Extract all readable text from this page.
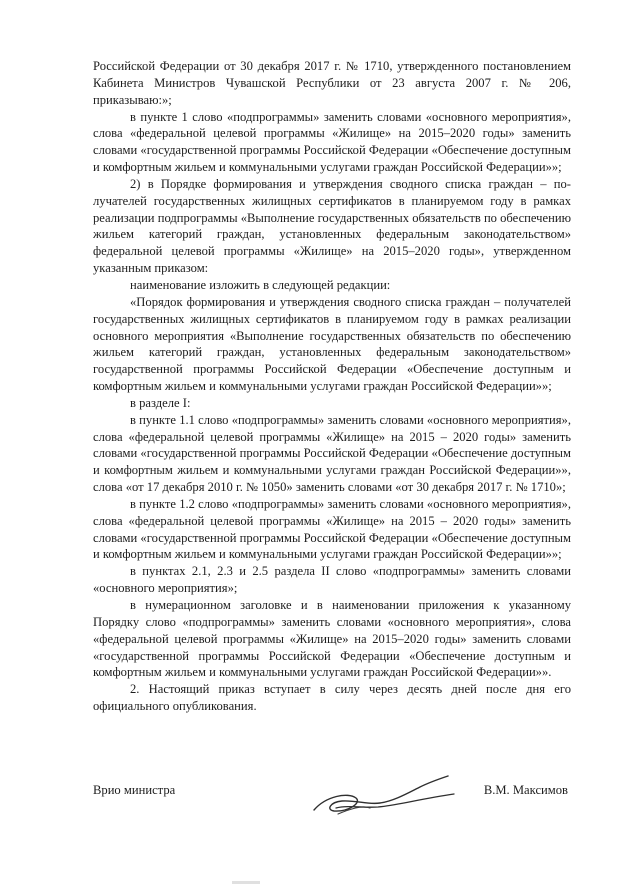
Российской Федерации от 30 декабря 2017 г. № 1710, утвержденного постановлением Кабинета Министров Чувашской Республики от 23 августа 2007 г. № 206, приказываю:»;

в пункте 1 слово «подпрограммы» заменить словами «основного мероприятия», слова «федеральной целевой программы «Жилище» на 2015–2020 годы» заменить словами «государственной программы Российской Федерации «Обеспечение доступным и комфортным жильем и коммунальными услугами граждан Российской Федерации»»;

2) в Порядке формирования и утверждения сводного списка граждан – получателей государственных жилищных сертификатов в планируемом году в рамках реализации подпрограммы «Выполнение государственных обязательств по обеспечению жильем категорий граждан, установленных федеральным законодательством» федеральной целевой программы «Жилище» на 2015–2020 годы», утвержденном указанным приказом:

наименование изложить в следующей редакции:

«Порядок формирования и утверждения сводного списка граждан – получателей государственных жилищных сертификатов в планируемом году в рамках реализации основного мероприятия «Выполнение государственных обязательств по обеспечению жильем категорий граждан, установленных федеральным законодательством» государственной программы Российской Федерации «Обеспечение доступным и комфортным жильем и коммунальными услугами граждан Российской Федерации»»;

в разделе I:

в пункте 1.1 слово «подпрограммы» заменить словами «основного мероприятия», слова «федеральной целевой программы «Жилище» на 2015 – 2020 годы» заменить словами «государственной программы Российской Федерации «Обеспечение доступным и комфортным жильем и коммунальными услугами граждан Российской Федерации»», слова «от 17 декабря 2010 г. № 1050» заменить словами «от 30 декабря 2017 г. № 1710»;

в пункте 1.2 слово «подпрограммы» заменить словами «основного мероприятия», слова «федеральной целевой программы «Жилище» на 2015 – 2020 годы» заменить словами «государственной программы Российской Федерации «Обеспечение доступным и комфортным жильем и коммунальными услугами граждан Российской Федерации»»;

в пунктах 2.1, 2.3 и 2.5 раздела II слово «подпрограммы» заменить словами «основного мероприятия»;

в нумерационном заголовке и в наименовании приложения к указанному Порядку слово «подпрограммы» заменить словами «основного мероприятия», слова «федеральной целевой программы «Жилище» на 2015–2020 годы» заменить словами «государственной программы Российской Федерации «Обеспечение доступным и комфортным жильем и коммунальными услугами граждан Российской Федерации»».

2. Настоящий приказ вступает в силу через десять дней после дня его официального опубликования.

Врио министра	В.М. Максимов
